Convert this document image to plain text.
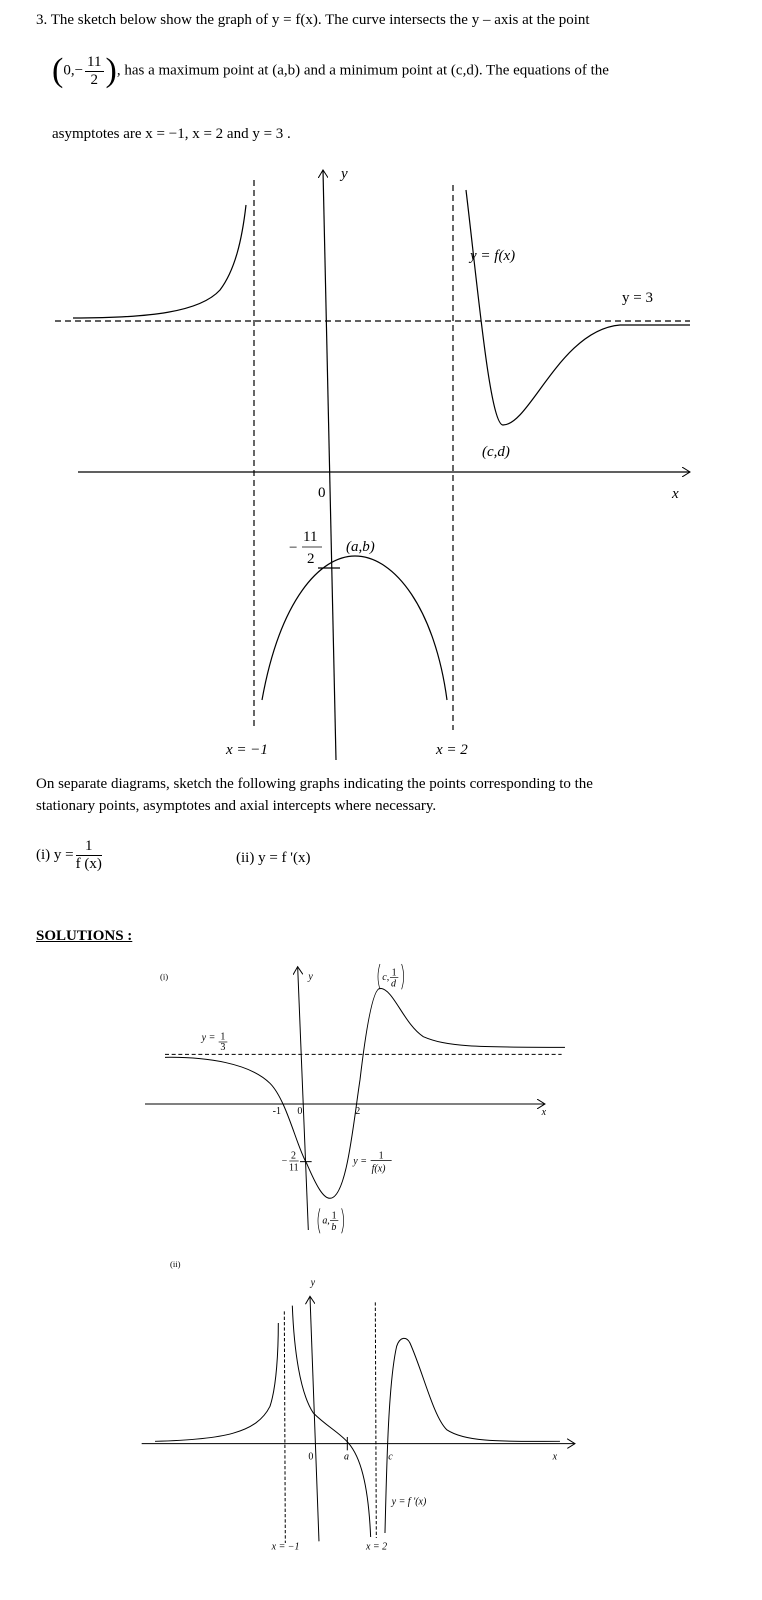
3. The sketch below show the graph of y = f(x). The curve intersects the y – axis at the point
($0,- \frac{11}{2}$ ), has a maximum point at (a,b) and a minimum point at (c,d). The equations of the
asymptotes are x = −1, x = 2 and y = 3 .
On separate diagrams, sketch the following graphs indicating the points corresponding to the
stationary points, asymptotes and axial intercepts where necessary.
(i) $y = \frac{1}{f (x)}$	(ii) y = f '(x)
SOLUTIONS :
y
x
y = f(x)
y = 3
(c,d)
0
−
11
2
(a,b)
x = −1	x = 2
(i)	y
x
y = 1
3
-1 0 2
−
2
11
y =
1
f(x)
c, 1
d
a, 1
b
(ii)
y
x
0 a c
y = f '(x)
x = −1 x = 2
